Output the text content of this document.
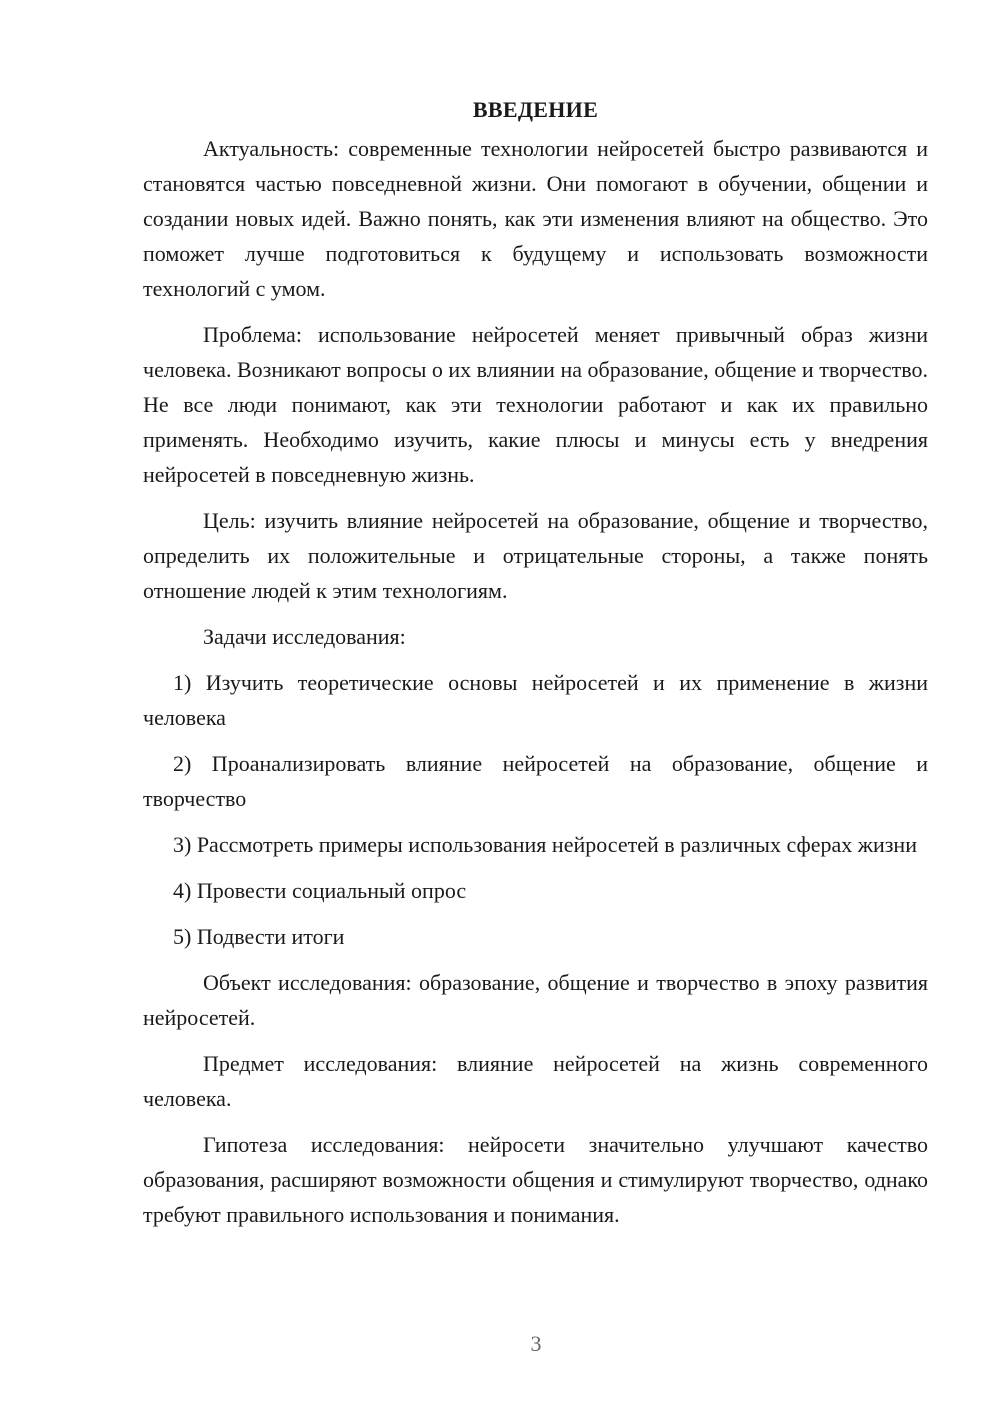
ВВЕДЕНИЕ

Актуальность: современные технологии нейросетей быстро развиваются и становятся частью повседневной жизни. Они помогают в обучении, общении и создании новых идей. Важно понять, как эти изменения влияют на общество. Это поможет лучше подготовиться к будущему и использовать возможности технологий с умом.

Проблема: использование нейросетей меняет привычный образ жизни человека. Возникают вопросы о их влиянии на образование, общение и творчество. Не все люди понимают, как эти технологии работают и как их правильно применять. Необходимо изучить, какие плюсы и минусы есть у внедрения нейросетей в повседневную жизнь.

Цель: изучить влияние нейросетей на образование, общение и творчество, определить их положительные и отрицательные стороны, а также понять отношение людей к этим технологиям.

Задачи исследования:

1) Изучить теоретические основы нейросетей и их применение в жизни человека

2) Проанализировать влияние нейросетей на образование, общение и творчество

3) Рассмотреть примеры использования нейросетей в различных сферах жизни

4) Провести социальный опрос

5) Подвести итоги

Объект исследования: образование, общение и творчество в эпоху развития нейросетей.

Предмет исследования: влияние нейросетей на жизнь современного человека.

Гипотеза исследования: нейросети значительно улучшают качество образования, расширяют возможности общения и стимулируют творчество, однако требуют правильного использования и понимания.

3
